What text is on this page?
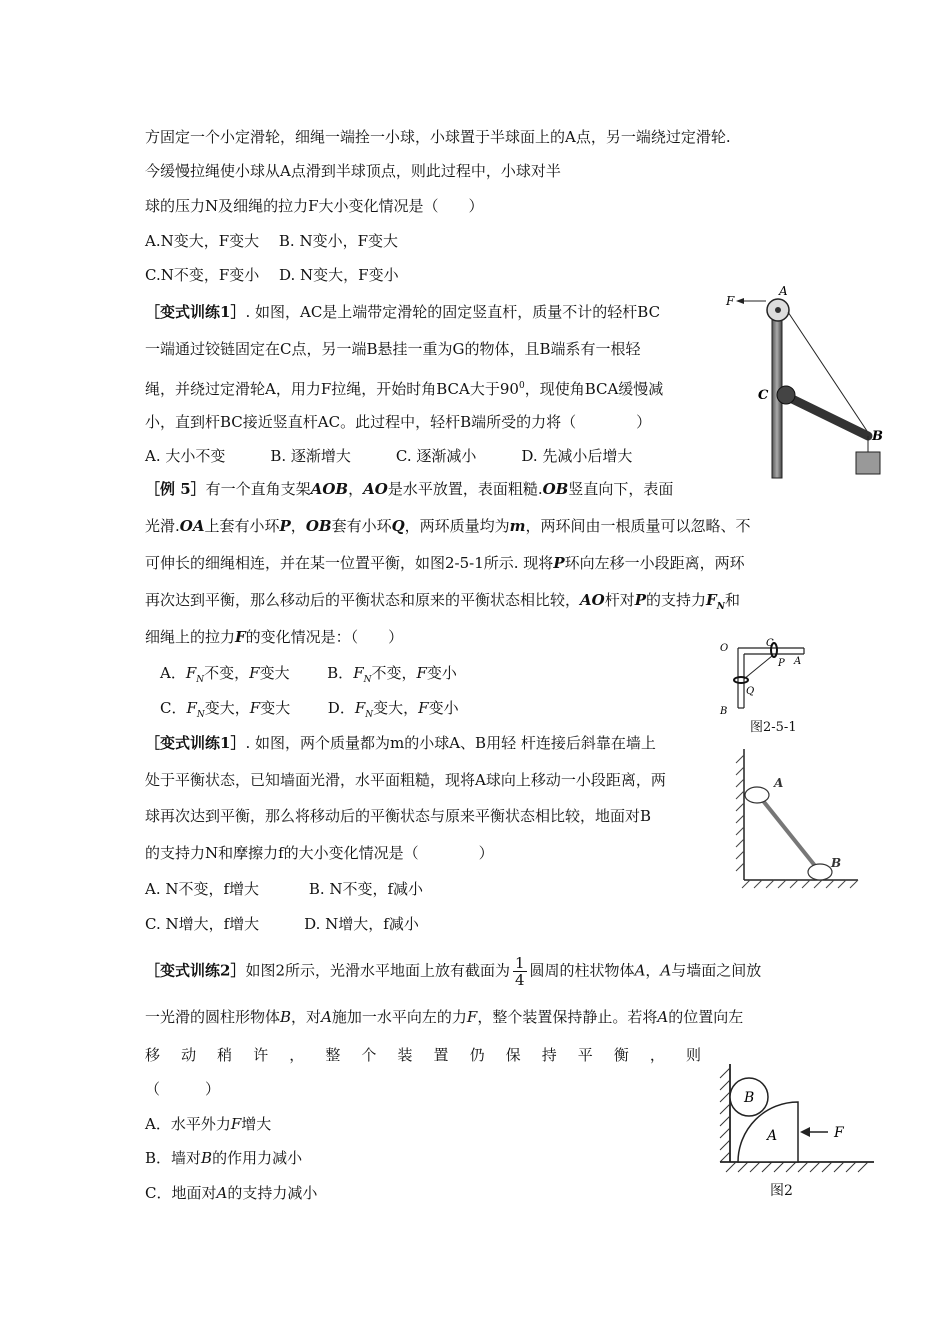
方固定一个小定滑轮，细绳一端拴一小球，小球置于半球面上的A点，另一端绕过定滑轮.
今缓慢拉绳使小球从A点滑到半球顶点，则此过程中，小球对半
球的压力N及细绳的拉力F大小变化情况是（　　）
A.N变大，F变大　 B. N变小，F变大
C.N不变，F变小　 D. N变大，F变小
［变式训练1］. 如图，AC是上端带定滑轮的固定竖直杆，质量不计的轻杆BC
一端通过铰链固定在C点，另一端B悬挂一重为G的物体，且B端系有一根轻
绳，并绕过定滑轮A，用力F拉绳，开始时角BCA大于$90^0$，现使角BCA缓慢减
小，直到杆BC接近竖直杆AC。此过程中，轻杆B端所受的力将（　　　　）
A. 大小不变　　　B. 逐渐增大　　　C. 逐渐减小　　　D. 先减小后增大
F
A
C
B
［例 5］有一个直角支架AOB，AO是水平放置，表面粗糙.OB竖直向下，表面
光滑.OA上套有小环P，OB套有小环Q，两环质量均为m，两环间由一根质量可以忽略、不
可伸长的细绳相连，并在某一位置平衡，如图2-5-1所示. 现将P环向左移一小段距离，两环
再次达到平衡，那么移动后的平衡状态和原来的平衡状态相比较，AO杆对P的支持力$F_N$和
细绳上的拉力F的变化情况是：（　　）
A．$F_N$不变，F变大	B．$F_N$不变，F变小
C．$F_N$变大，F变大	D．$F_N$变大，F变小
O	C
P A
Q
B
图2-5-1
［变式训练1］. 如图，两个质量都为m的小球A、B用轻 杆连接后斜靠在墙上
处于平衡状态，已知墙面光滑，水平面粗糙，现将A球向上移动一小段距离，两
球再次达到平衡，那么将移动后的平衡状态与原来平衡状态相比较，地面对B
的支持力N和摩擦力f的大小变化情况是（　　　　）
A. N不变，f增大　　　 B. N不变，f减小
C. N增大，f增大　　　D. N增大，f减小
A
B
［变式训练2］如图2所示，光滑水平地面上放有截面为 $\frac{1}{4}$ 圆周的柱状物体A，A与墙面之间放
一光滑的圆柱形物体B，对A施加一水平向左的力F，整个装置保持静止。若将A的位置向左
移 动 稍 许 ， 整 个 装 置 仍 保 持 平 衡 ， 则
（　　　）
A．水平外力F增大
B．墙对B的作用力减小
C．地面对A的支持力减小
B
A	F
图2
